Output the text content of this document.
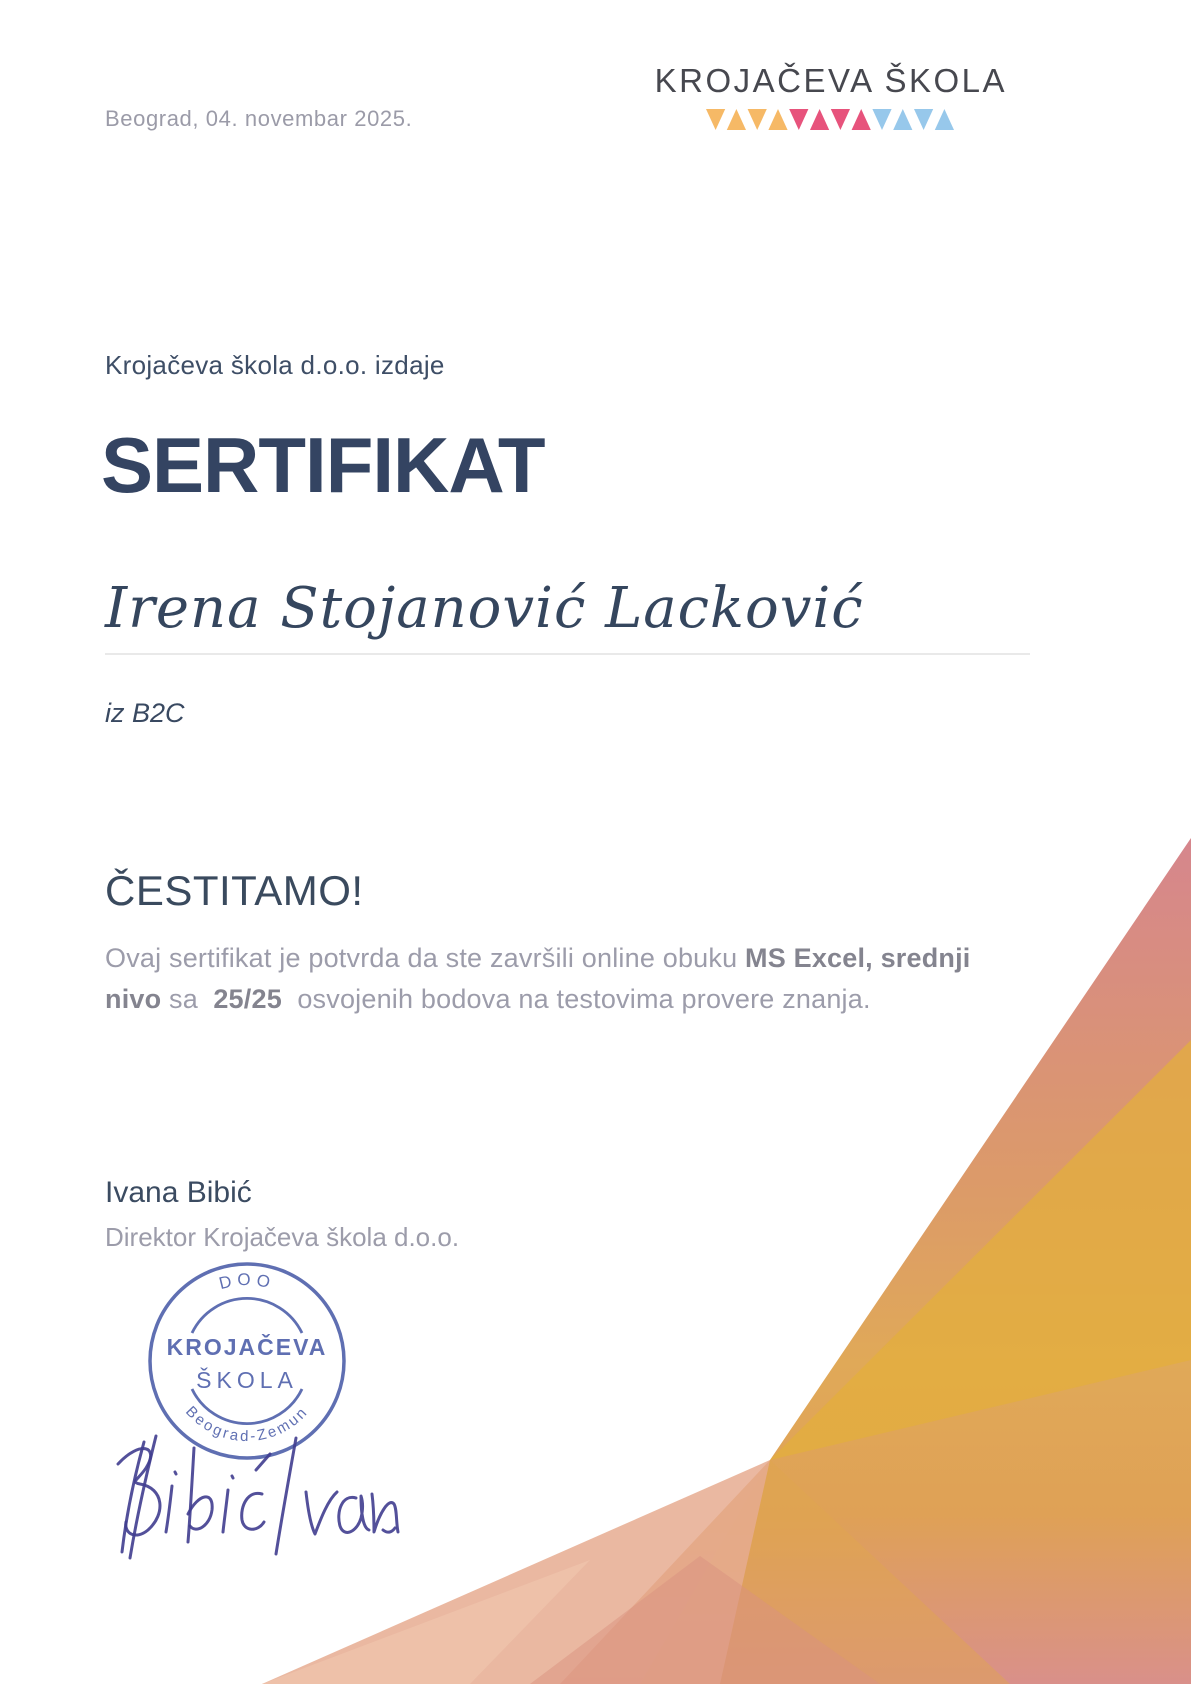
Beograd, 04. novembar 2025.
KROJAČEVA ŠKOLA
Krojačeva škola d.o.o. izdaje
SERTIFIKAT
Irena Stojanović Lacković
iz B2C
ČESTITAMO!

Ovaj sertifikat je potvrda da ste završili online obuku MS Excel, srednji
nivo sa  25/25  osvojenih bodova na testovima provere znanja.

Ivana Bibić
Direktor Krojačeva škola d.o.o.
DOO
KROJAČEVA
ŠKOLA
Beograd-Zemun
